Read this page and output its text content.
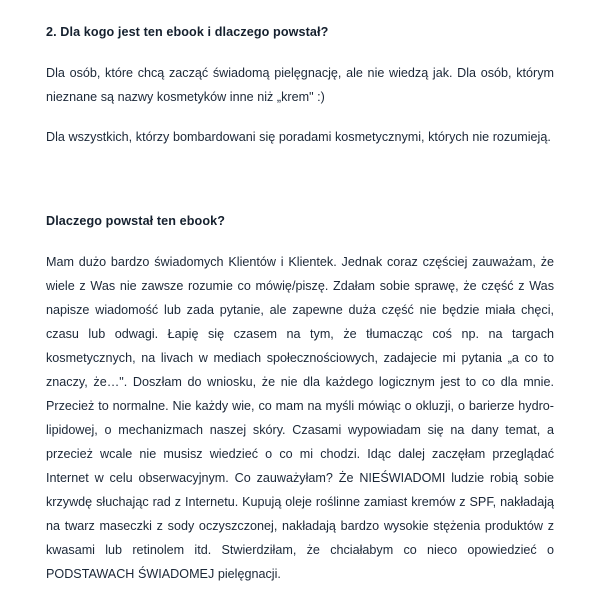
2. Dla kogo jest ten ebook i dlaczego powstał?

Dla osób, które chcą zacząć świadomą pielęgnację, ale nie wiedzą jak. Dla osób, którym nieznane są nazwy kosmetyków inne niż „krem" :)

Dla wszystkich, którzy bombardowani się poradami kosmetycznymi, których nie rozumieją.

Dlaczego powstał ten ebook?

Mam dużo bardzo świadomych Klientów i Klientek. Jednak coraz częściej zauważam, że wiele z Was nie zawsze rozumie co mówię/piszę. Zdałam sobie sprawę, że część z Was napisze wiadomość lub zada pytanie, ale zapewne duża część nie będzie miała chęci, czasu lub odwagi. Łapię się czasem na tym, że tłumacząc coś np. na targach kosmetycznych, na livach w mediach społecznościowych, zadajecie mi pytania „a co to znaczy, że…". Doszłam do wniosku, że nie dla każdego logicznym jest to co dla mnie. Przecież to normalne. Nie każdy wie, co mam na myśli mówiąc o okluzji, o barierze hydro-lipidowej, o mechanizmach naszej skóry. Czasami wypowiadam się na dany temat, a przecież wcale nie musisz wiedzieć o co mi chodzi. Idąc dalej zaczęłam przeglądać Internet w celu obserwacyjnym. Co zauważyłam? Że NIEŚWIADOMI ludzie robią sobie krzywdę słuchając rad z Internetu. Kupują oleje roślinne zamiast kremów z SPF, nakładają na twarz maseczki z sody oczyszczonej, nakładają bardzo wysokie stężenia produktów z kwasami lub retinolem itd. Stwierdziłam, że chciałabym co nieco opowiedzieć o PODSTAWACH ŚWIADOMEJ pielęgnacji.
